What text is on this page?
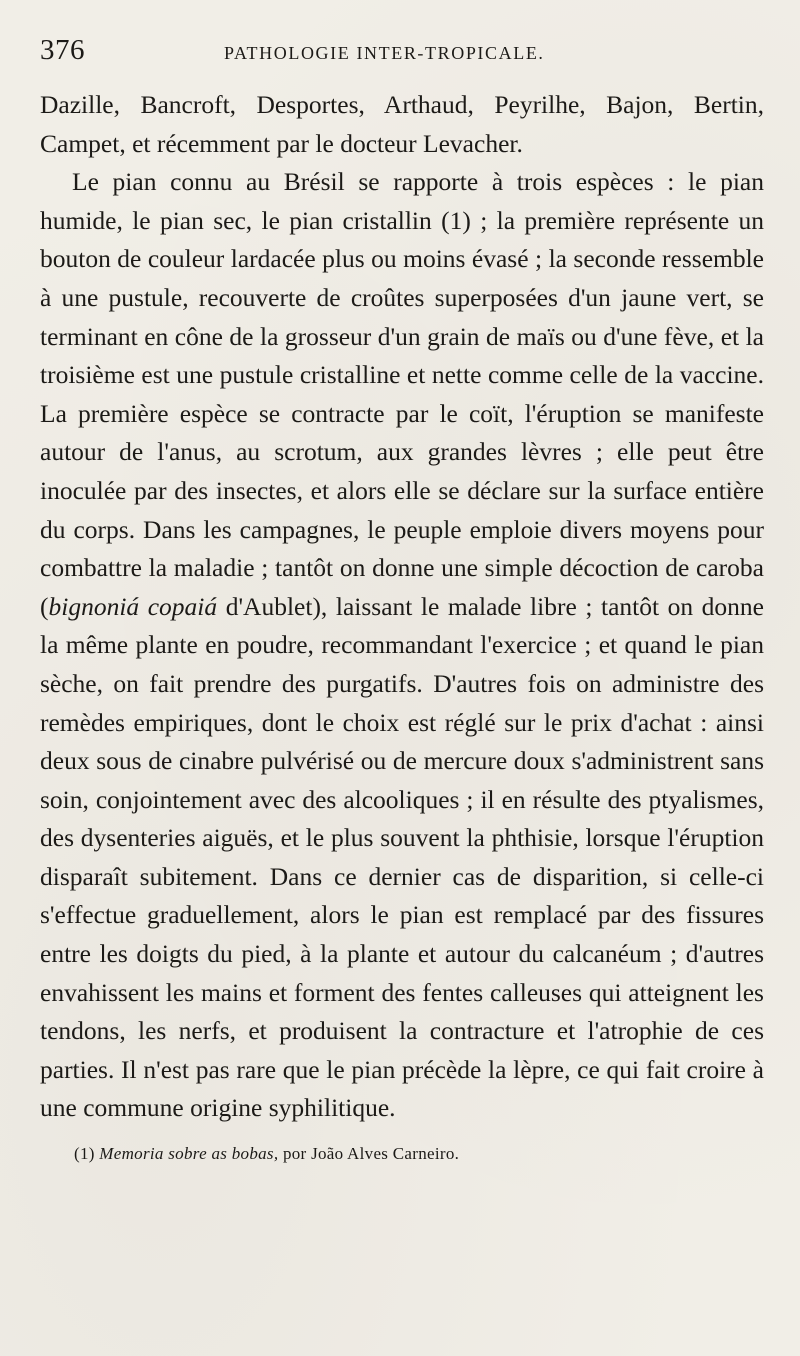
376	PATHOLOGIE INTER-TROPICALE.

Dazille, Bancroft, Desportes, Arthaud, Peyrilhe, Bajon, Bertin, Campet, et récemment par le docteur Levacher.

Le pian connu au Brésil se rapporte à trois espèces : le pian humide, le pian sec, le pian cristallin (1) ; la première représente un bouton de couleur lardacée plus ou moins évasé ; la seconde ressemble à une pustule, recouverte de croûtes superposées d'un jaune vert, se terminant en cône de la grosseur d'un grain de maïs ou d'une fève, et la troisième est une pustule cristalline et nette comme celle de la vaccine. La première espèce se contracte par le coït, l'éruption se manifeste autour de l'anus, au scrotum, aux grandes lèvres ; elle peut être inoculée par des insectes, et alors elle se déclare sur la surface entière du corps. Dans les campagnes, le peuple emploie divers moyens pour combattre la maladie ; tantôt on donne une simple décoction de caroba (bignoniá copaiá d'Aublet), laissant le malade libre ; tantôt on donne la même plante en poudre, recommandant l'exercice ; et quand le pian sèche, on fait prendre des purgatifs. D'autres fois on administre des remèdes empiriques, dont le choix est réglé sur le prix d'achat : ainsi deux sous de cinabre pulvérisé ou de mercure doux s'administrent sans soin, conjointement avec des alcooliques ; il en résulte des ptyalismes, des dysenteries aiguës, et le plus souvent la phthisie, lorsque l'éruption disparaît subitement. Dans ce dernier cas de disparition, si celle-ci s'effectue graduellement, alors le pian est remplacé par des fissures entre les doigts du pied, à la plante et autour du calcanéum ; d'autres envahissent les mains et forment des fentes calleuses qui atteignent les tendons, les nerfs, et produisent la contracture et l'atrophie de ces parties. Il n'est pas rare que le pian précède la lèpre, ce qui fait croire à une commune origine syphilitique.

(1) Memoria sobre as bobas, por João Alves Carneiro.
